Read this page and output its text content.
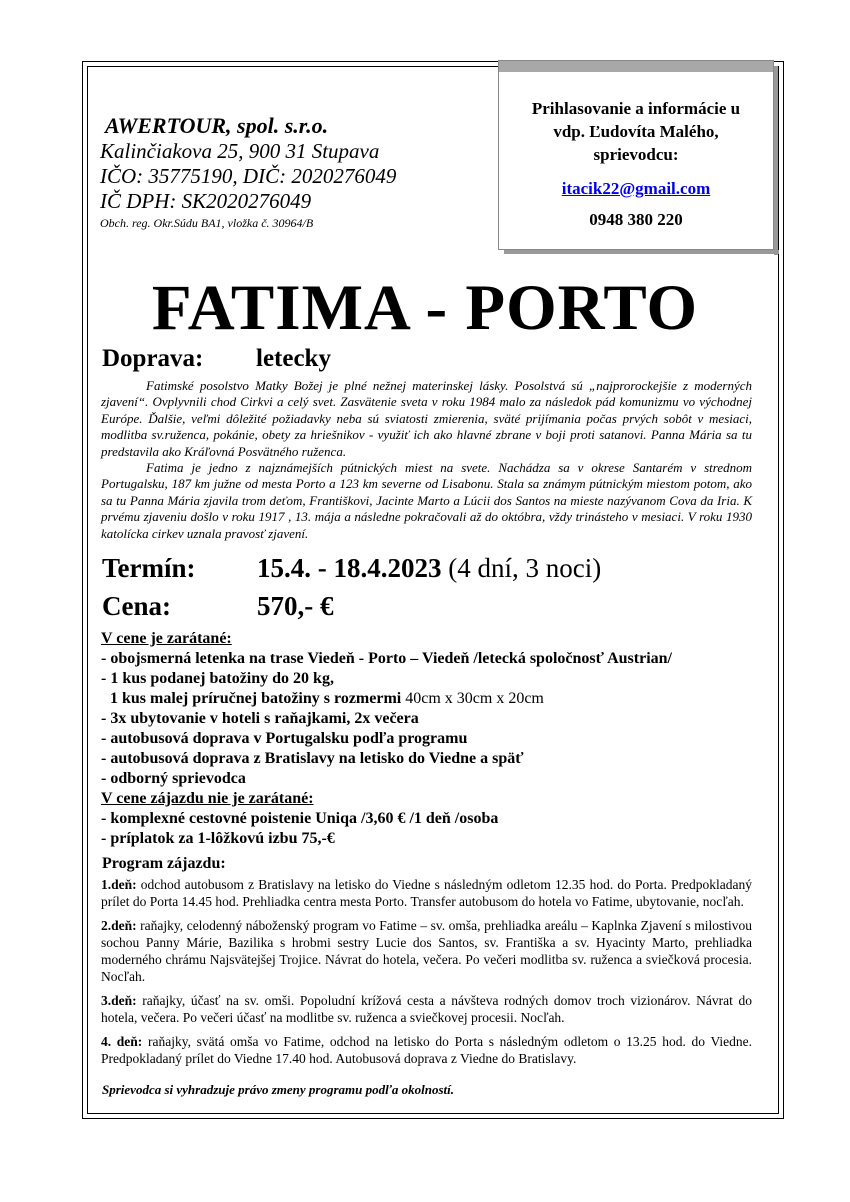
AWERTOUR, spol. s.r.o.
Kalinčiakova 25, 900 31 Stupava
IČO: 35775190, DIČ: 2020276049
IČ DPH: SK2020276049
Obch. reg. Okr.Súdu BA1, vložka č. 30964/B
Prihlasovanie a informácie u
vdp. Ľudovíta Malého,
sprievodcu:
itacik22@gmail.com
0948 380 220
FATIMA - PORTO
Doprava: letecky

Fatimské posolstvo Matky Božej je plné nežnej materinskej lásky. Posolstvá sú „najprorockejšie z moderných zjavení“. Ovplyvnili chod Cirkvi a celý svet. Zasvätenie sveta v roku 1984 malo za následok pád komunizmu vo východnej Európe. Ďalšie, veľmi dôležité požiadavky neba sú sviatosti zmierenia, sväté prijímania počas prvých sobôt v mesiaci, modlitba sv.ruženca, pokánie, obety za hriešnikov - využiť ich ako hlavné zbrane v boji proti satanovi. Panna Mária sa tu predstavila ako Kráľovná Posvätného ruženca.

Fatima je jedno z najznámejších pútnických miest na svete. Nachádza sa v okrese Santarém v strednom Portugalsku, 187 km južne od mesta Porto a 123 km severne od Lisabonu. Stala sa známym pútnickým miestom potom, ako sa tu Panna Mária zjavila trom deťom, Františkovi, Jacinte Marto a Lúcii dos Santos na mieste nazývanom Cova da Iria. K prvému zjaveniu došlo v roku 1917 , 13. mája a následne pokračovali až do októbra, vždy trinásteho v mesiaci. V roku 1930 katolícka cirkev uznala pravosť zjavení.

Termín: 15.4. - 18.4.2023 (4 dní, 3 noci)
Cena:	570,- €
V cene je zarátané:
- obojsmerná letenka na trase Viedeň - Porto – Viedeň /letecká spoločnosť Austrian/
- 1 kus podanej batožiny do 20 kg,
1 kus malej príručnej batožiny s rozmermi 40cm x 30cm x 20cm
- 3x ubytovanie v hoteli s raňajkami, 2x večera
- autobusová doprava v Portugalsku podľa programu
- autobusová doprava z Bratislavy na letisko do Viedne a späť
- odborný sprievodca
V cene zájazdu nie je zarátané:
- komplexné cestovné poistenie Uniqa /3,60 € /1 deň /osoba
- príplatok za 1-lôžkovú izbu 75,-€
Program zájazdu:

1.deň: odchod autobusom z Bratislavy na letisko do Viedne s následným odletom 12.35 hod. do Porta. Predpokladaný prílet do Porta 14.45 hod. Prehliadka centra mesta Porto. Transfer autobusom do hotela vo Fatime, ubytovanie, nocľah.

2.deň: raňajky, celodenný náboženský program vo Fatime – sv. omša, prehliadka areálu – Kaplnka Zjavení s milostivou sochou Panny Márie, Bazilika s hrobmi sestry Lucie dos Santos, sv. Františka a sv. Hyacinty Marto, prehliadka moderného chrámu Najsvätejšej Trojice. Návrat do hotela, večera. Po večeri modlitba sv. ruženca a sviečková procesia. Nocľah.

3.deň: raňajky, účasť na sv. omši. Popoludní krížová cesta a návšteva rodných domov troch vizionárov. Návrat do hotela, večera. Po večeri účasť na modlitbe sv. ruženca a sviečkovej procesii. Nocľah.

4. deň: raňajky, svätá omša vo Fatime, odchod na letisko do Porta s následným odletom o 13.25 hod. do Viedne. Predpokladaný prílet do Viedne 17.40 hod. Autobusová doprava z Viedne do Bratislavy.

Sprievodca si vyhradzuje právo zmeny programu podľa okolností.
